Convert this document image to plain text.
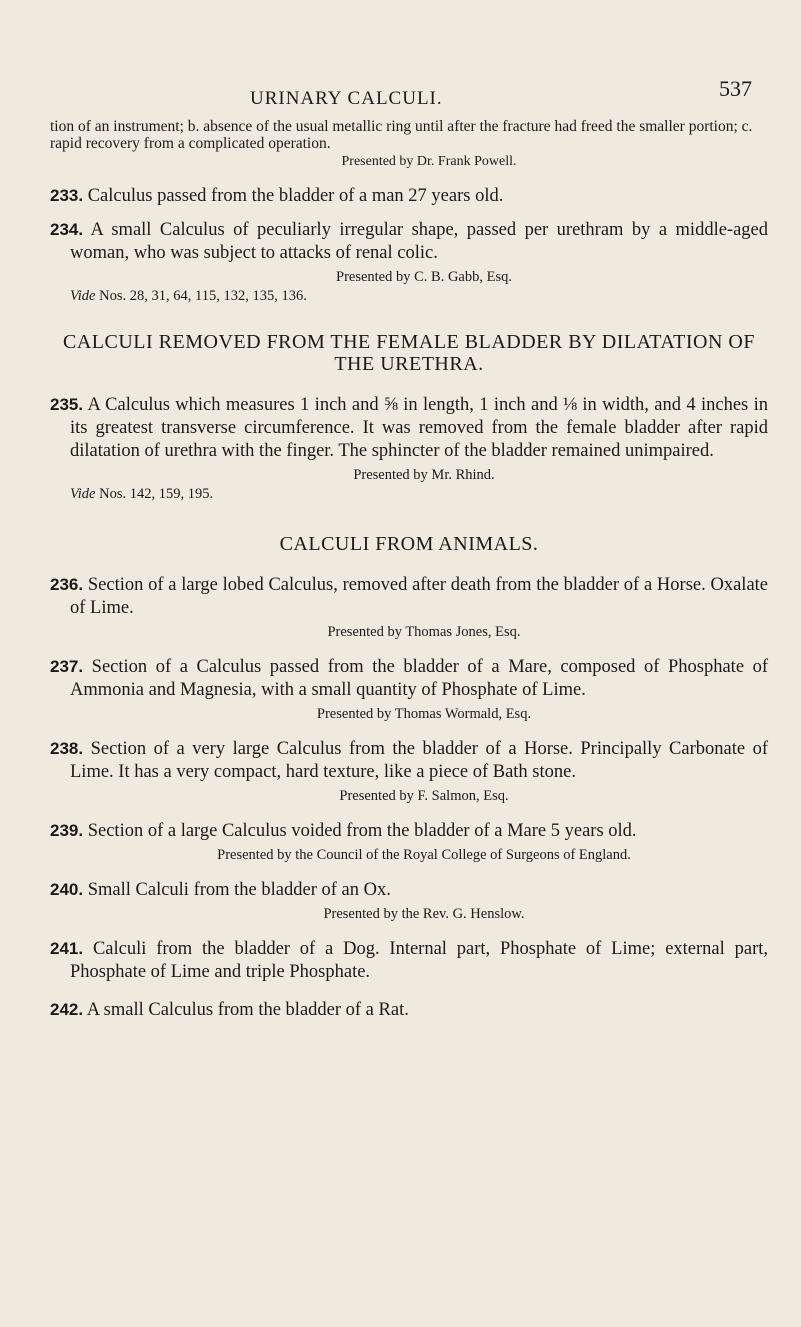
URINARY CALCULI.	537

tion of an instrument; b. absence of the usual metallic ring until after the fracture had freed the smaller portion; c. rapid recovery from a complicated operation.

Presented by Dr. Frank Powell.

233. Calculus passed from the bladder of a man 27 years old.

234. A small Calculus of peculiarly irregular shape, passed per urethram by a middle-aged woman, who was subject to attacks of renal colic.

Presented by C. B. Gabb, Esq.

Vide Nos. 28, 31, 64, 115, 132, 135, 136.

CALCULI REMOVED FROM THE FEMALE BLADDER BY DILATATION OF THE URETHRA.

235. A Calculus which measures 1 inch and ⅝ in length, 1 inch and ⅛ in width, and 4 inches in its greatest transverse circumference. It was removed from the female bladder after rapid dilatation of urethra with the finger. The sphincter of the bladder remained unimpaired.

Presented by Mr. Rhind.

Vide Nos. 142, 159, 195.

CALCULI FROM ANIMALS.

236. Section of a large lobed Calculus, removed after death from the bladder of a Horse. Oxalate of Lime.

Presented by Thomas Jones, Esq.

237. Section of a Calculus passed from the bladder of a Mare, composed of Phosphate of Ammonia and Magnesia, with a small quantity of Phosphate of Lime.

Presented by Thomas Wormald, Esq.

238. Section of a very large Calculus from the bladder of a Horse. Principally Carbonate of Lime. It has a very compact, hard texture, like a piece of Bath stone.

Presented by F. Salmon, Esq.

239. Section of a large Calculus voided from the bladder of a Mare 5 years old.

Presented by the Council of the Royal College of Surgeons of England.

240. Small Calculi from the bladder of an Ox.

Presented by the Rev. G. Henslow.

241. Calculi from the bladder of a Dog. Internal part, Phosphate of Lime; external part, Phosphate of Lime and triple Phosphate.

242. A small Calculus from the bladder of a Rat.
